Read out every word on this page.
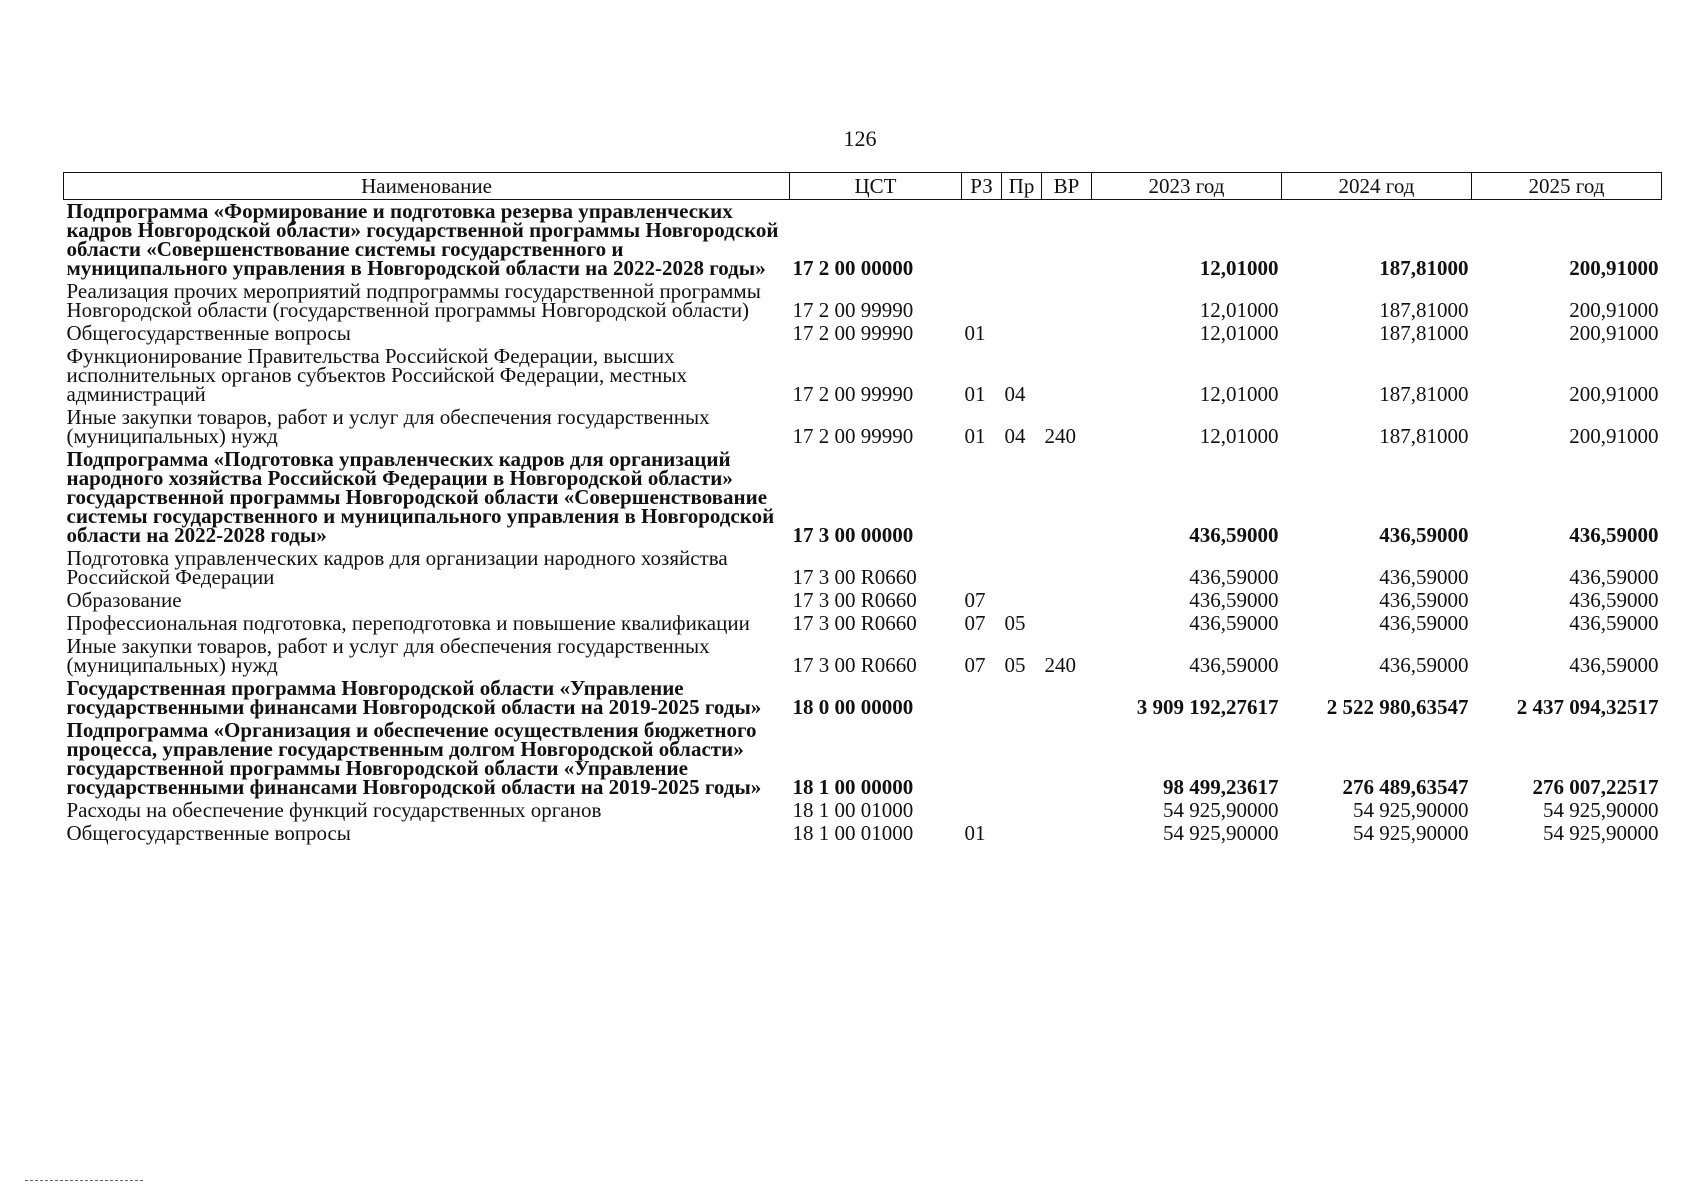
126
Наименование	ЦСТ	РЗ	Пр	ВР	2023 год	2024 год	2025 год
Подпрограмма «Формирование и подготовка резерва управленческих кадров Новгородской области» государственной программы Новгородской области «Совершенствование системы государственного и муниципального управления в Новгородской области на 2022-2028 годы»	17 2 00 00000				12,01000	187,81000	200,91000
Реализация прочих мероприятий подпрограммы государственной программы Новгородской области (государственной программы Новгородской области)	17 2 00 99990				12,01000	187,81000	200,91000
Общегосударственные вопросы	17 2 00 99990	01			12,01000	187,81000	200,91000
Функционирование Правительства Российской Федерации, высших исполнительных органов субъектов Российской Федерации, местных администраций	17 2 00 99990	01	04		12,01000	187,81000	200,91000
Иные закупки товаров, работ и услуг для обеспечения государственных (муниципальных) нужд	17 2 00 99990	01	04	240	12,01000	187,81000	200,91000
Подпрограмма «Подготовка управленческих кадров для организаций народного хозяйства Российской Федерации в Новгородской области» государственной программы Новгородской области «Совершенствование системы государственного и муниципального управления в Новгородской области на 2022-2028 годы»	17 3 00 00000				436,59000	436,59000	436,59000
Подготовка управленческих кадров для организации народного хозяйства Российской Федерации	17 3 00 R0660				436,59000	436,59000	436,59000
Образование	17 3 00 R0660	07			436,59000	436,59000	436,59000
Профессиональная подготовка, переподготовка и повышение квалификации	17 3 00 R0660	07	05		436,59000	436,59000	436,59000
Иные закупки товаров, работ и услуг для обеспечения государственных (муниципальных) нужд	17 3 00 R0660	07	05	240	436,59000	436,59000	436,59000
Государственная программа Новгородской области «Управление государственными финансами Новгородской области на 2019-2025 годы»	18 0 00 00000				3 909 192,27617	2 522 980,63547	2 437 094,32517
Подпрограмма «Организация и обеспечение осуществления бюджетного процесса, управление государственным долгом Новгородской области» государственной программы Новгородской области «Управление государственными финансами Новгородской области на 2019-2025 годы»	18 1 00 00000				98 499,23617	276 489,63547	276 007,22517
Расходы на обеспечение функций государственных органов	18 1 00 01000				54 925,90000	54 925,90000	54 925,90000
Общегосударственные вопросы	18 1 00 01000	01			54 925,90000	54 925,90000	54 925,90000
